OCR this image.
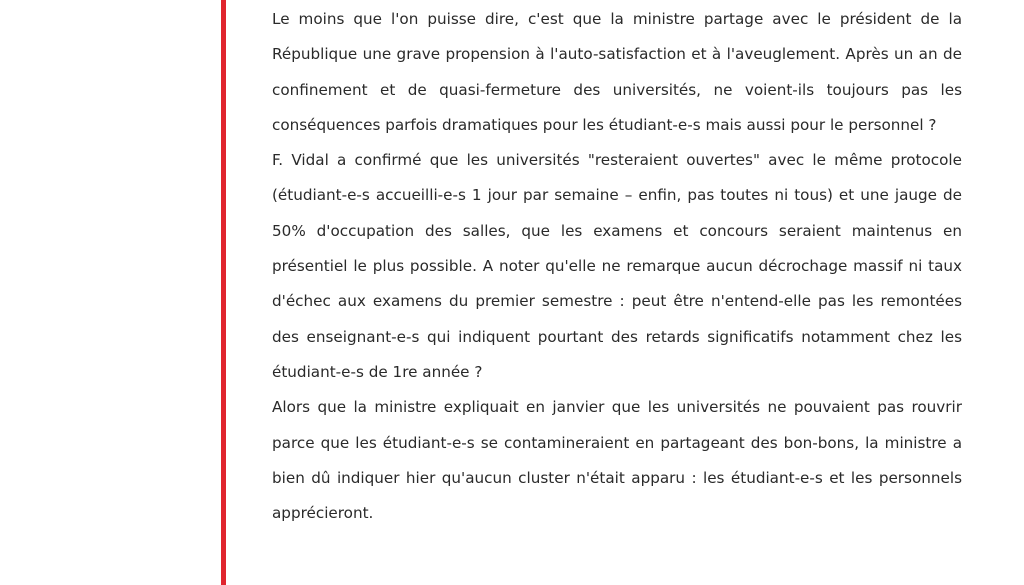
Le moins que l'on puisse dire, c'est que la ministre partage avec le président de la République une grave propension à l'auto-satisfaction et à l'aveuglement. Après un an de confinement et de quasi-fermeture des universités, ne voient-ils toujours pas les conséquences parfois dramatiques pour les étudiant-e-s mais aussi pour le personnel ?

F. Vidal a confirmé que les universités "resteraient ouvertes" avec le même protocole (étudiant-e-s accueilli-e-s 1 jour par semaine – enfin, pas toutes ni tous) et une jauge de 50% d'occupation des salles, que les examens et concours seraient maintenus en présentiel le plus possible. A noter qu'elle ne remarque aucun décrochage massif ni taux d'échec aux examens du premier semestre : peut être n'entend-elle pas les remontées des enseignant-e-s qui indiquent pourtant des retards significatifs notamment chez les étudiant-e-s de 1re année ?

Alors que la ministre expliquait en janvier que les universités ne pouvaient pas rouvrir parce que les étudiant-e-s se contamineraient en partageant des bon-bons, la ministre a bien dû indiquer hier qu'aucun cluster n'était apparu : les étudiant-e-s et les personnels apprécieront.
